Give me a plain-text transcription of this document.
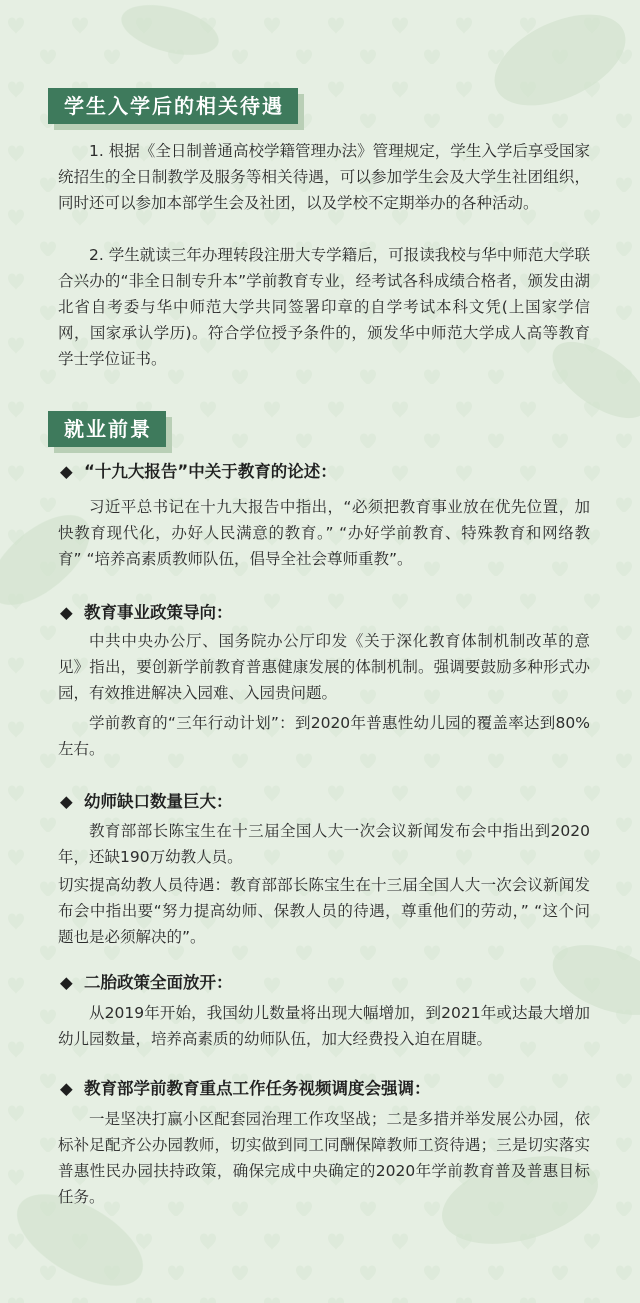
学生入学后的相关待遇

1. 根据《全日制普通高校学籍管理办法》管理规定，学生入学后享受国家统招生的全日制教学及服务等相关待遇，可以参加学生会及大学生社团组织，同时还可以参加本部学生会及社团，以及学校不定期举办的各种活动。

2. 学生就读三年办理转段注册大专学籍后，可报读我校与华中师范大学联合兴办的“非全日制专升本”学前教育专业，经考试各科成绩合格者，颁发由湖北省自考委与华中师范大学共同签署印章的自学考试本科文凭(上国家学信网，国家承认学历)。符合学位授予条件的，颁发华中师范大学成人高等教育学士学位证书。

就业前景
◆ “十九大报告”中关于教育的论述：

习近平总书记在十九大报告中指出，“必须把教育事业放在优先位置，加快教育现代化，办好人民满意的教育。” “办好学前教育、特殊教育和网络教育” “培养高素质教师队伍，倡导全社会尊师重教”。

◆ 教育事业政策导向：

中共中央办公厅、国务院办公厅印发《关于深化教育体制机制改革的意见》指出，要创新学前教育普惠健康发展的体制机制。强调要鼓励多种形式办园，有效推进解决入园难、入园贵问题。

学前教育的“三年行动计划”：到2020年普惠性幼儿园的覆盖率达到80%左右。

◆ 幼师缺口数量巨大：

教育部部长陈宝生在十三届全国人大一次会议新闻发布会中指出到2020年，还缺190万幼教人员。

切实提高幼教人员待遇：教育部部长陈宝生在十三届全国人大一次会议新闻发布会中指出要“努力提高幼师、保教人员的待遇，尊重他们的劳动，” “这个问题也是必须解决的”。

◆ 二胎政策全面放开：

从2019年开始，我国幼儿数量将出现大幅增加，到2021年或达最大增加幼儿园数量，培养高素质的幼师队伍，加大经费投入迫在眉睫。

◆ 教育部学前教育重点工作任务视频调度会强调：

一是坚决打赢小区配套园治理工作攻坚战；二是多措并举发展公办园，依标补足配齐公办园教师，切实做到同工同酬保障教师工资待遇；三是切实落实普惠性民办园扶持政策，确保完成中央确定的2020年学前教育普及普惠目标任务。
